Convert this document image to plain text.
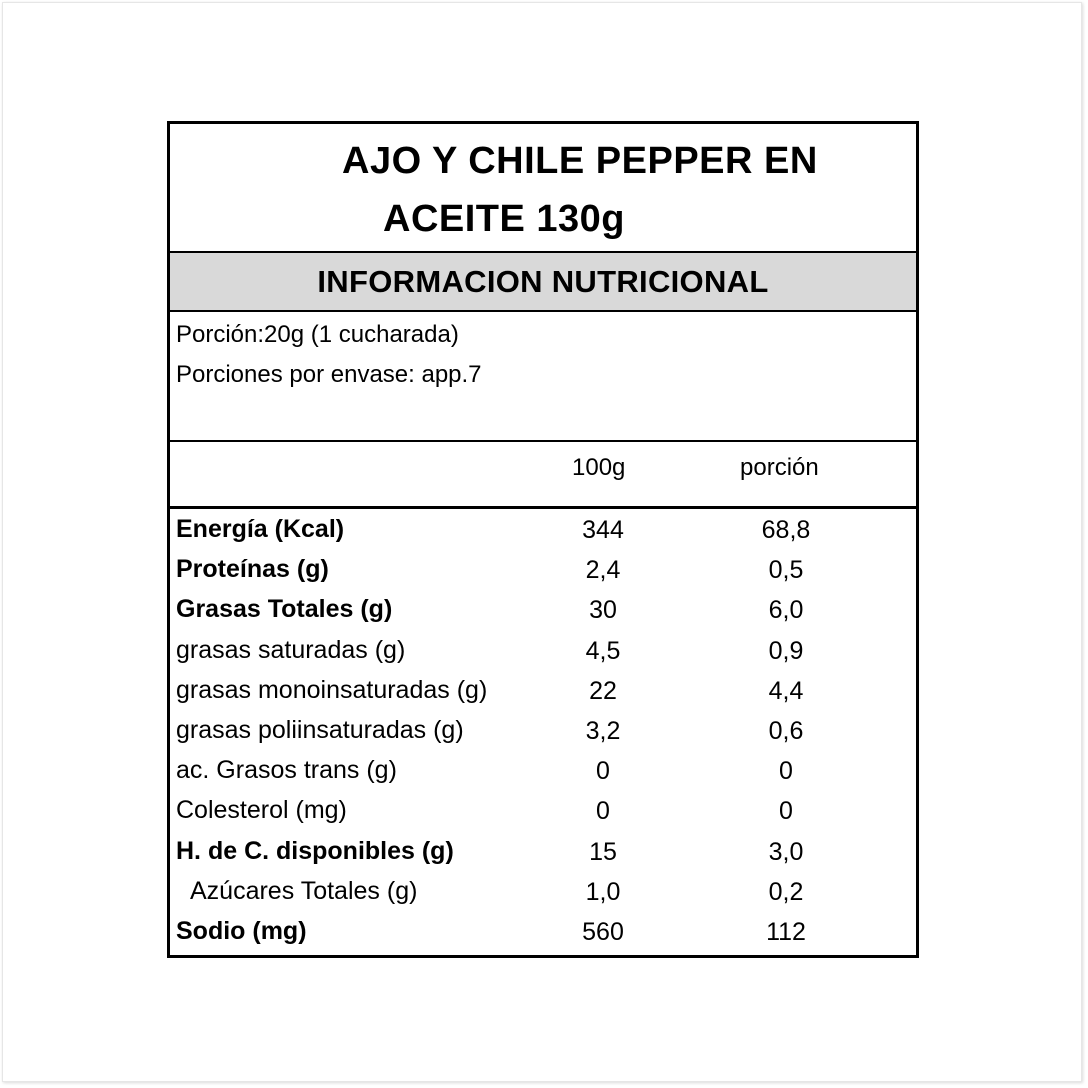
AJO Y CHILE PEPPER EN
ACEITE 130g
INFORMACION NUTRICIONAL
Porción:20g (1 cucharada)
Porciones por envase: app.7
100g	porción
Energía (Kcal)	344	68,8
Proteínas (g)	2,4	0,5
Grasas Totales (g)	30	6,0
grasas saturadas (g)	4,5	0,9
grasas monoinsaturadas (g)	22	4,4
grasas poliinsaturadas (g)	3,2	0,6
ac. Grasos trans (g)	0	0
Colesterol (mg)	0	0
H. de C. disponibles (g)	15	3,0
Azúcares Totales (g)	1,0	0,2
Sodio (mg)	560	112
